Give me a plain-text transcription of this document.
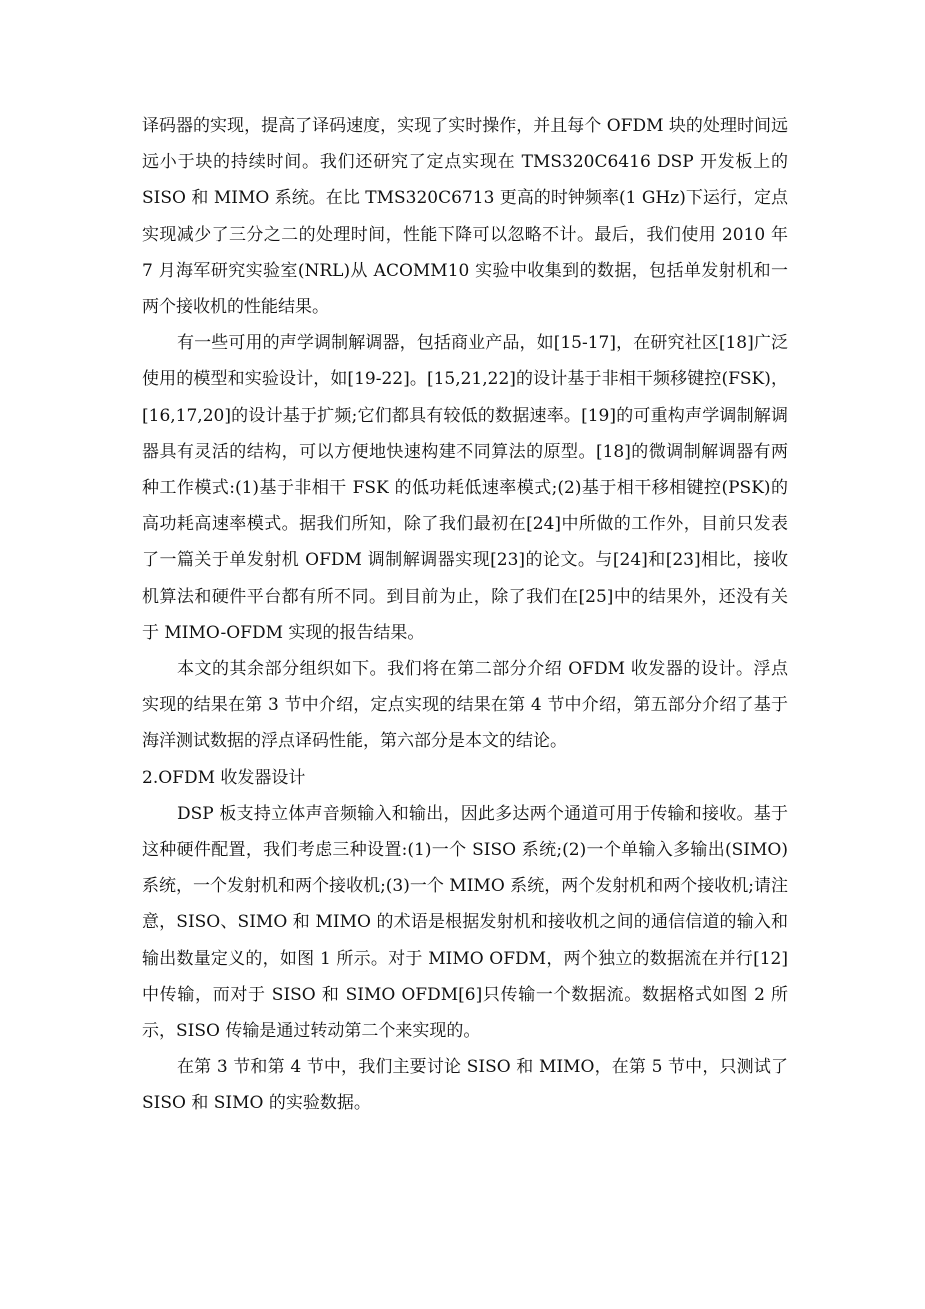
译码器的实现，提高了译码速度，实现了实时操作，并且每个 OFDM 块的处理时间远远小于块的持续时间。我们还研究了定点实现在 TMS320C6416 DSP 开发板上的 SISO 和 MIMO 系统。在比 TMS320C6713 更高的时钟频率(1 GHz)下运行，定点实现减少了三分之二的处理时间，性能下降可以忽略不计。最后，我们使用 2010 年 7 月海军研究实验室(NRL)从 ACOMM10 实验中收集到的数据，包括单发射机和一两个接收机的性能结果。

有一些可用的声学调制解调器，包括商业产品，如[15-17]，在研究社区[18]广泛使用的模型和实验设计，如[19-22]。[15,21,22]的设计基于非相干频移键控(FSK)，[16,17,20]的设计基于扩频;它们都具有较低的数据速率。[19]的可重构声学调制解调器具有灵活的结构，可以方便地快速构建不同算法的原型。[18]的微调制解调器有两种工作模式:(1)基于非相干 FSK 的低功耗低速率模式;(2)基于相干移相键控(PSK)的高功耗高速率模式。据我们所知，除了我们最初在[24]中所做的工作外，目前只发表了一篇关于单发射机 OFDM 调制解调器实现[23]的论文。与[24]和[23]相比，接收机算法和硬件平台都有所不同。到目前为止，除了我们在[25]中的结果外，还没有关于 MIMO-OFDM 实现的报告结果。

本文的其余部分组织如下。我们将在第二部分介绍 OFDM 收发器的设计。浮点实现的结果在第 3 节中介绍，定点实现的结果在第 4 节中介绍，第五部分介绍了基于海洋测试数据的浮点译码性能，第六部分是本文的结论。

2.OFDM 收发器设计

DSP 板支持立体声音频输入和输出，因此多达两个通道可用于传输和接收。基于这种硬件配置，我们考虑三种设置:(1)一个 SISO 系统;(2)一个单输入多输出(SIMO)系统，一个发射机和两个接收机;(3)一个 MIMO 系统，两个发射机和两个接收机;请注意，SISO、SIMO 和 MIMO 的术语是根据发射机和接收机之间的通信信道的输入和输出数量定义的，如图 1 所示。对于 MIMO OFDM，两个独立的数据流在并行[12]中传输，而对于 SISO 和 SIMO OFDM[6]只传输一个数据流。数据格式如图 2 所示，SISO 传输是通过转动第二个来实现的。

在第 3 节和第 4 节中，我们主要讨论 SISO 和 MIMO，在第 5 节中，只测试了 SISO 和 SIMO 的实验数据。
